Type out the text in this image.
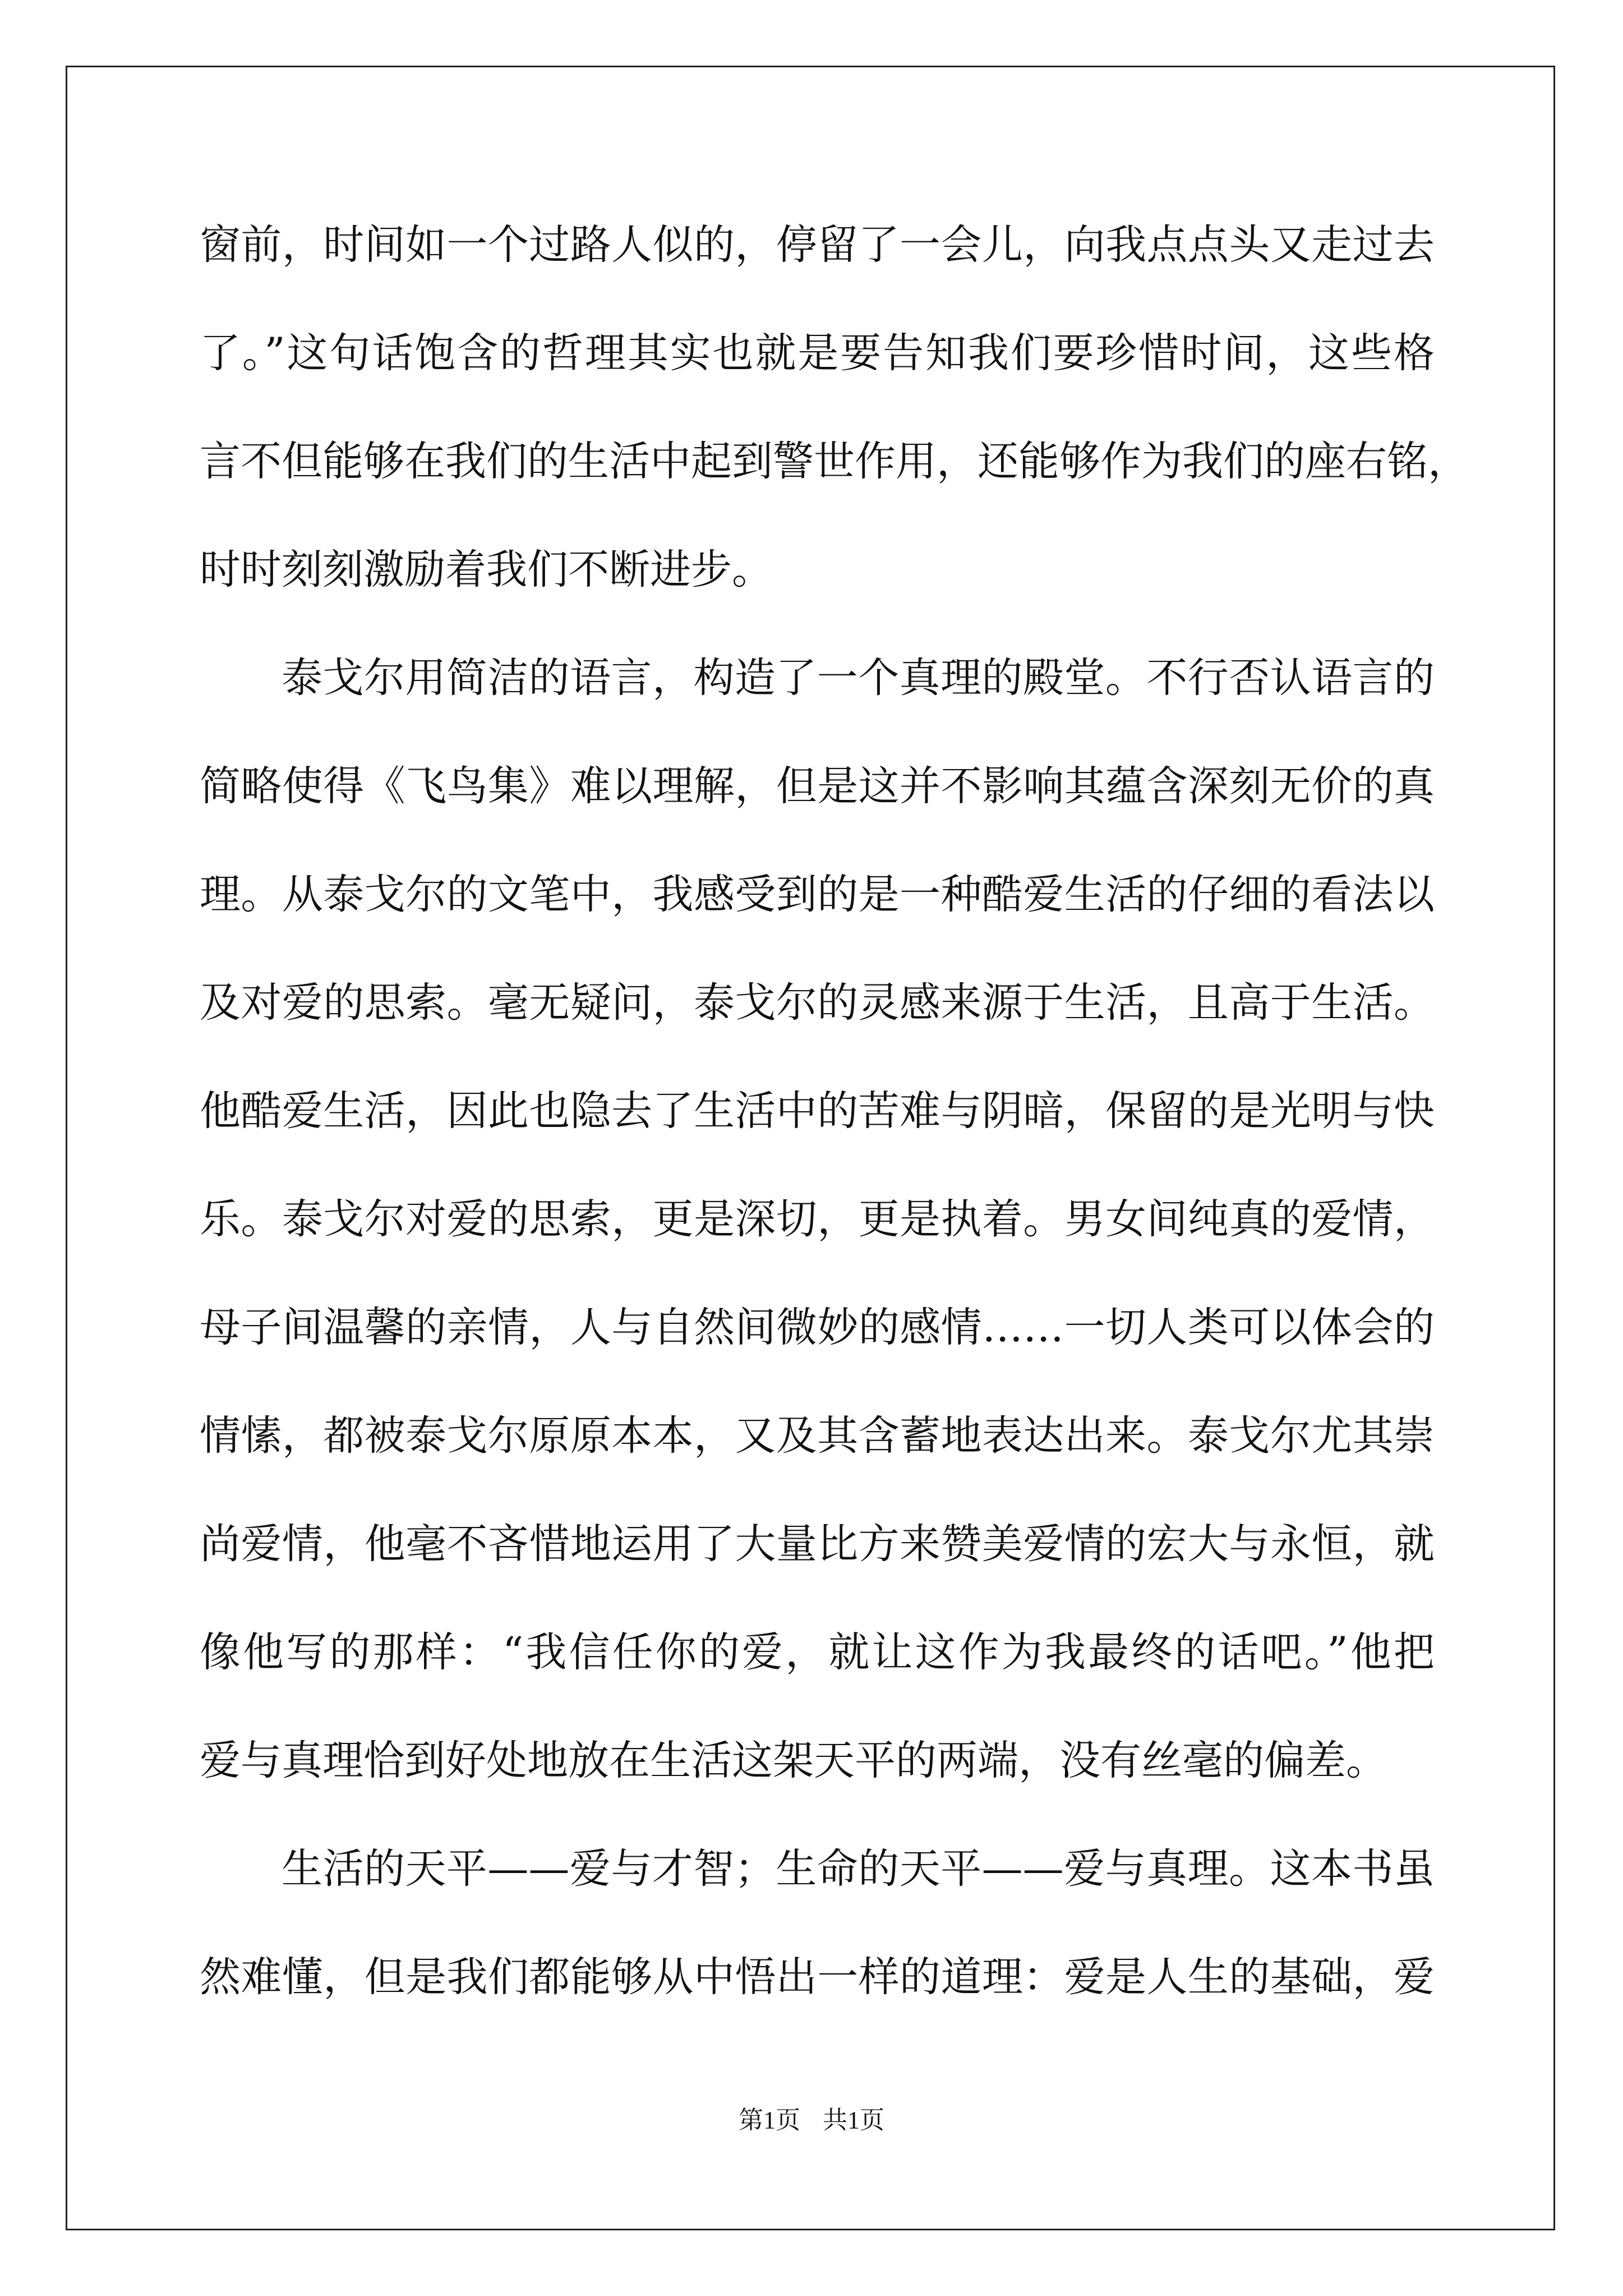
窗前，时间如一个过路人似的，停留了一会儿，向我点点头又走过去
了。”这句话饱含的哲理其实也就是要告知我们要珍惜时间，这些格
言不但能够在我们的生活中起到警世作用，还能够作为我们的座右铭，
时时刻刻激励着我们不断进步。
泰戈尔用简洁的语言，构造了一个真理的殿堂。不行否认语言的
简略使得《飞鸟集》难以理解，但是这并不影响其蕴含深刻无价的真
理。从泰戈尔的文笔中，我感受到的是一种酷爱生活的仔细的看法以
及对爱的思索。毫无疑问，泰戈尔的灵感来源于生活，且高于生活。
他酷爱生活，因此也隐去了生活中的苦难与阴暗，保留的是光明与快
乐。泰戈尔对爱的思索，更是深切，更是执着。男女间纯真的爱情，
母子间温馨的亲情，人与自然间微妙的感情……一切人类可以体会的
情愫，都被泰戈尔原原本本，又及其含蓄地表达出来。泰戈尔尤其崇
尚爱情，他毫不吝惜地运用了大量比方来赞美爱情的宏大与永恒，就
像他写的那样：“我信任你的爱，就让这作为我最终的话吧。”他把
爱与真理恰到好处地放在生活这架天平的两端，没有丝毫的偏差。
生活的天平——爱与才智；生命的天平——爱与真理。这本书虽
然难懂，但是我们都能够从中悟出一样的道理：爱是人生的基础，爱
第1页 共1页
